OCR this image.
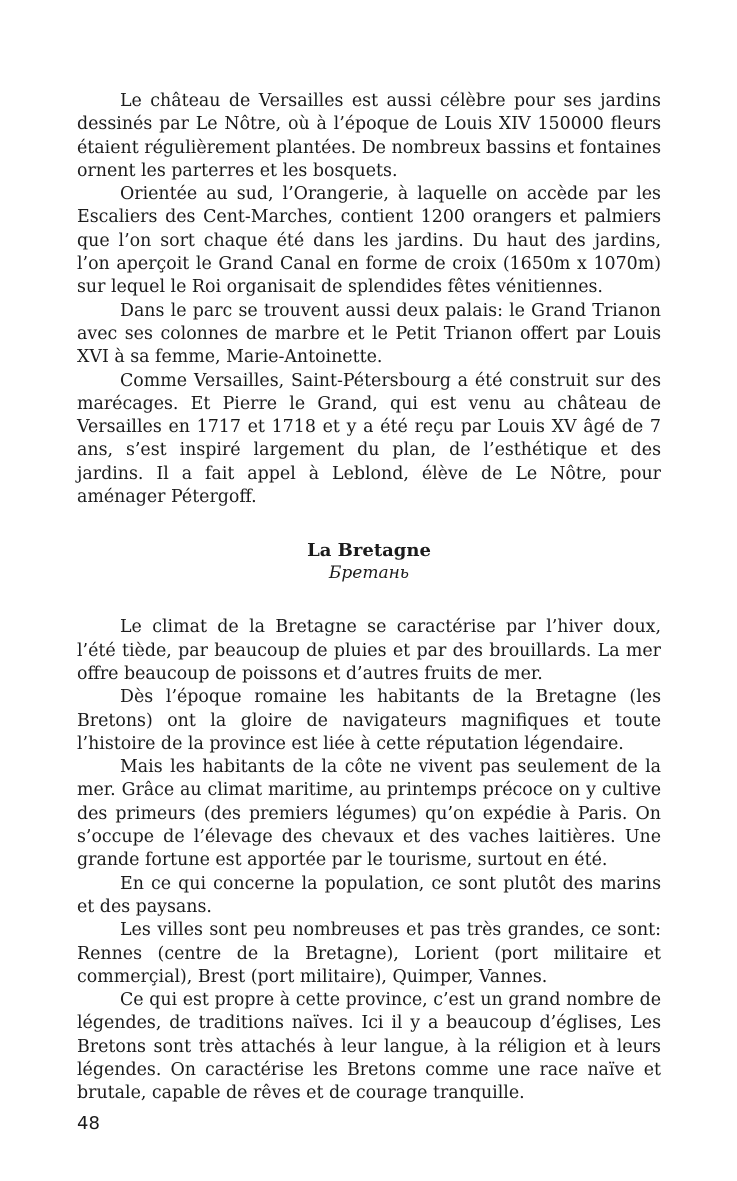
Le château de Versailles est aussi célèbre pour ses jardins dessinés par Le Nôtre, où à l’époque de Louis XIV 150000 fleurs étaient régulièrement plantées. De nombreux bassins et fontaines ornent les parterres et les bosquets.

Orientée au sud, l’Orangerie, à laquelle on accède par les Escaliers des Cent-Marches, contient 1200 orangers et palmiers que l’on sort chaque été dans les jardins. Du haut des jardins, l’on aperçoit le Grand Canal en forme de croix (1650m x 1070m) sur lequel le Roi organisait de splendides fêtes vénitiennes.

Dans le parc se trouvent aussi deux palais: le Grand Trianon avec ses colonnes de marbre et le Petit Trianon offert par Louis XVI à sa femme, Marie-Antoinette.

Comme Versailles, Saint-Pétersbourg a été construit sur des marécages. Et Pierre le Grand, qui est venu au château de Versailles en 1717 et 1718 et y a été reçu par Louis XV âgé de 7 ans, s’est inspiré largement du plan, de l’esthétique et des jardins. Il a fait appel à Leblond, élève de Le Nôtre, pour aménager Pétergoff.

La Bretagne
Бретань

Le climat de la Bretagne se caractérise par l’hiver doux, l’été tiède, par beaucoup de pluies et par des brouillards. La mer offre beaucoup de poissons et d’autres fruits de mer.

Dès l’époque romaine les habitants de la Bretagne (les Bretons) ont la gloire de navigateurs magnifiques et toute l’histoire de la province est liée à cette réputation légendaire.

Mais les habitants de la côte ne vivent pas seulement de la mer. Grâce au climat maritime, au printemps précoce on y cultive des primeurs (des premiers légumes) qu’on expédie à Paris. On s’occupe de l’élevage des chevaux et des vaches laitières. Une grande fortune est apportée par le tourisme, surtout en été.

En ce qui concerne la population, ce sont plutôt des marins et des paysans.

Les villes sont peu nombreuses et pas très grandes, ce sont: Rennes (centre de la Bretagne), Lorient (port militaire et commerçial), Brest (port militaire), Quimper, Vannes.

Ce qui est propre à cette province, c’est un grand nombre de légendes, de traditions naïves. Ici il y a beaucoup d’églises, Les Bretons sont très attachés à leur langue, à la réligion et à leurs légendes. On caractérise les Bretons comme une race naïve et brutale, capable de rêves et de courage tranquille.

48
